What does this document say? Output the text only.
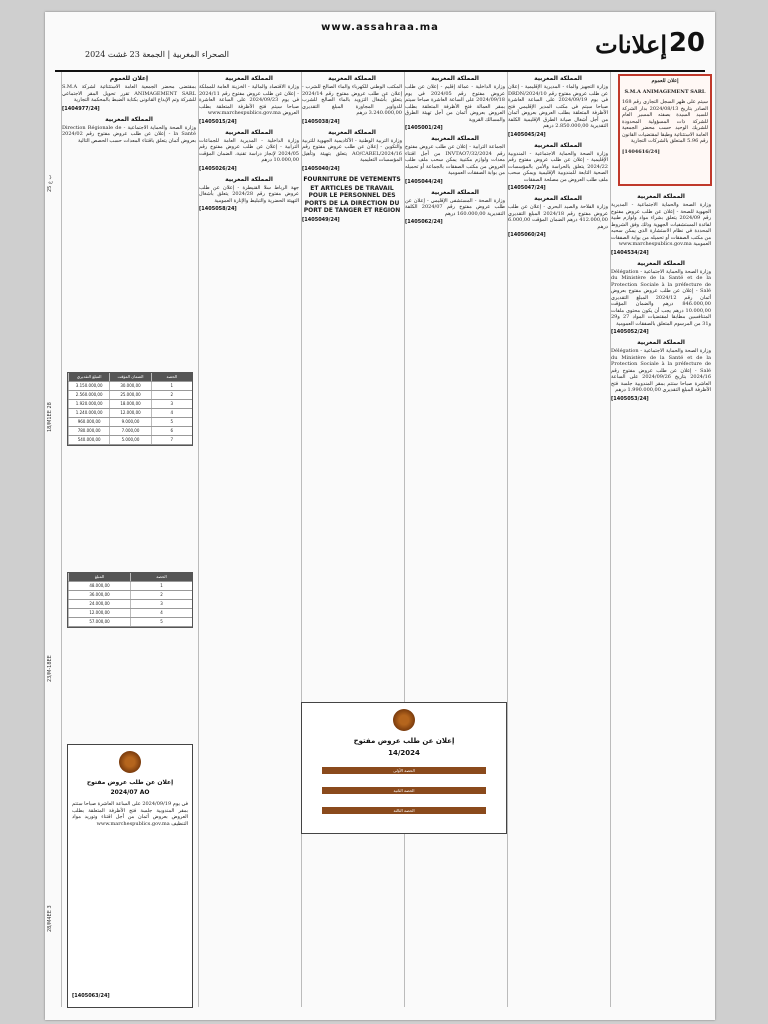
www.assahraa.ma
الصحراء المغربية | الجمعة 23 غشت 2024	إعلانات 20
ب ع 25
18/M1EE 28
23/M-18EE
28/M4EE 3
المملكة المغربية

وزارة الصحة والحماية الاجتماعية - المديرية الجهوية للصحة - إعلان عن طلب عروض مفتوح رقم 2024/09 يتعلق بشراء مواد ولوازم طبية لفائدة المستشفيات الجهوية وذلك وفق الشروط المحددة في نظام الاستشارة الذي يمكن سحبه من مكتب الصفقات أو تحميله من بوابة الصفقات العمومية www.marchespublics.gov.ma

[1404534/24]
المملكة المغربية

وزارة الصحة والحماية الاجتماعية - Délégation du Ministère de la Santé et de la Protection Sociale à la préfecture de Salé - إعلان عن طلب عروض مفتوح بعروض أثمان رقم 2024/12 المبلغ التقديري 846.000,00 درهم والضمان المؤقت 10.000,00 درهم يجب أن يكون محتوى ملفات المتنافسين مطابقا لمقتضيات المواد 27 و29 و31 من المرسوم المتعلق بالصفقات العمومية

[1405052/24]
المملكة المغربية

وزارة الصحة والحماية الاجتماعية - Délégation du Ministère de la Santé et de la Protection Sociale à la préfecture de Salé - إعلان عن طلب عروض مفتوح رقم 2024/16 بتاريخ 2024/09/26 على الساعة العاشرة صباحا ستتم بمقر المندوبية جلسة فتح الأظرفة المبلغ التقديري 1.990.000,00 درهم

[1405053/24]

إعلان للعموم

S.M.A ANIMAGEMENT SARL

سيتم على ظهر السجل التجاري رقم 168 الصادر بتاريخ 2024/08/13 بدار الشركة للسيد السيدة بصفته المسير العام للشركة ذات المسؤولية المحدودة للشريك الوحيد حسب محضر الجمعية العامة الاستثنائية وطبقا لمقتضيات القانون رقم 5.96 المتعلق بالشركات التجارية

[1404616/24]

المملكة المغربية

وزارة التجهيز والماء - المديرية الإقليمية - إعلان عن طلب عروض مفتوح رقم 10/DRDN/2024 في يوم 2024/09/19 على الساعة العاشرة صباحا سيتم في مكتب المدير الإقليمي فتح الأظرفة المتعلقة بطلب العروض بعروض أثمان من أجل أشغال صيانة الطرق الإقليمية الكلفة التقديرية 2.850.000,00 درهم

[1405045/24]
المملكة المغربية

وزارة الصحة والحماية الاجتماعية - المندوبية الإقليمية - إعلان عن طلب عروض مفتوح رقم 2024/22 يتعلق بالحراسة والأمن بالمؤسسات الصحية التابعة للمندوبية الإقليمية ويمكن سحب ملف طلب العروض من مصلحة الصفقات

[1405047/24]
المملكة المغربية

وزارة الفلاحة والصيد البحري - إعلان عن طلب عروض مفتوح رقم 2024/18 المبلغ التقديري 412.000,00 درهم الضمان المؤقت 6.000,00 درهم

[1405060/24]
المملكة المغربية

وزارة الداخلية - عمالة إقليم - إعلان عن طلب عروض مفتوح رقم 2024/05 في يوم 2024/09/18 على الساعة العاشرة صباحا سيتم بمقر العمالة فتح الأظرفة المتعلقة بطلب العروض بعروض أثمان من أجل تهيئة الطرق والمسالك القروية

[1405001/24]
المملكة المغربية

الجماعة الترابية - إعلان عن طلب عروض مفتوح رقم 32/2024/INVTAO7 من أجل اقتناء معدات ولوازم مكتبية يمكن سحب ملف طلب العروض من مكتب الصفقات بالجماعة أو تحميله من بوابة الصفقات العمومية

[1405044/24]
المملكة المغربية

وزارة الصحة - المستشفى الإقليمي - إعلان عن طلب عروض مفتوح رقم 2024/07 الكلفة التقديرية 160.000,00 درهم

[1405062/24]
المملكة المغربية

المكتب الوطني للكهرباء والماء الصالح للشرب - إعلان عن طلب عروض مفتوح رقم 2024/14 يتعلق بأشغال التزويد بالماء الصالح للشرب للدواوير المجاورة المبلغ التقديري 3.240.000,00 درهم

[1405038/24]
المملكة المغربية

وزارة التربية الوطنية - الأكاديمية الجهوية للتربية والتكوين - إعلان عن طلب عروض مفتوح رقم 16/AO/CAREL/2024 يتعلق بتهيئة وتأهيل المؤسسات التعليمية

[1405040/24]
FOURNITURE DE VETEMENTS

ET ARTICLES DE TRAVAIL POUR LE PERSONNEL DES PORTS DE LA DIRECTION DU PORT DE TANGER ET REGION

[1405049/24]
المملكة المغربية

وزارة الاقتصاد والمالية - الخزينة العامة للمملكة - إعلان عن طلب عروض مفتوح رقم 2024/11 في يوم 2024/09/23 على الساعة العاشرة صباحا سيتم فتح الأظرفة المتعلقة بطلب العروض www.marchespublics.gov.ma

[1405015/24]
المملكة المغربية

وزارة الداخلية - المديرية العامة للجماعات الترابية - إعلان عن طلب عروض مفتوح رقم 2024/05 لإنجاز دراسة تقنية، الضمان المؤقت 10.000,00 درهم

[1405026/24]
المملكة المغربية

جهة الرباط سلا القنيطرة - إعلان عن طلب عروض مفتوح رقم 2024/28 يتعلق بأشغال التهيئة الحضرية والتبليط والإنارة العمومية

[1405058/24]
إعلان للعموم

بمقتضى محضر الجمعية العامة الاستثنائية لشركة S.M.A ANIMAGEMENT SARL تقرر تحويل المقر الاجتماعي للشركة وتم الإيداع القانوني بكتابة الضبط بالمحكمة التجارية

[1404977/24]
المملكة المغربية

وزارة الصحة والحماية الاجتماعية - Direction Régionale de la Santé - إعلان عن طلب عروض مفتوح رقم 2024/02 بعروض أثمان يتعلق باقتناء المعدات حسب الحصص التالية

المبلغ التقديري	الضمان المؤقت	الحصة
3.150.000,00	30.000,00	1
2.560.000,00	25.000,00	2
1.920.000,00	18.000,00	3
1.240.000,00	12.000,00	4
960.000,00	9.000,00	5
780.000,00	7.000,00	6
540.000,00	5.000,00	7
المبلغ	الحصة
48.000,00	1
36.000,00	2
24.000,00	3
12.000,00	4
57.000,00	5
إعلان عن طلب عروض مفتوح
2024/07 AO

في يوم 2024/09/19 على الساعة العاشرة صباحا ستتم بمقر المندوبية جلسة فتح الأظرفة المتعلقة بطلب العروض بعروض أثمان من أجل اقتناء وتوريد مواد التنظيف www.marchespublics.gov.ma

[1405063/24]
إعلان عن طلب عروض مفتوح
14/2024
الحصة الأولى
الحصة الثانية
الحصة الثالثة
